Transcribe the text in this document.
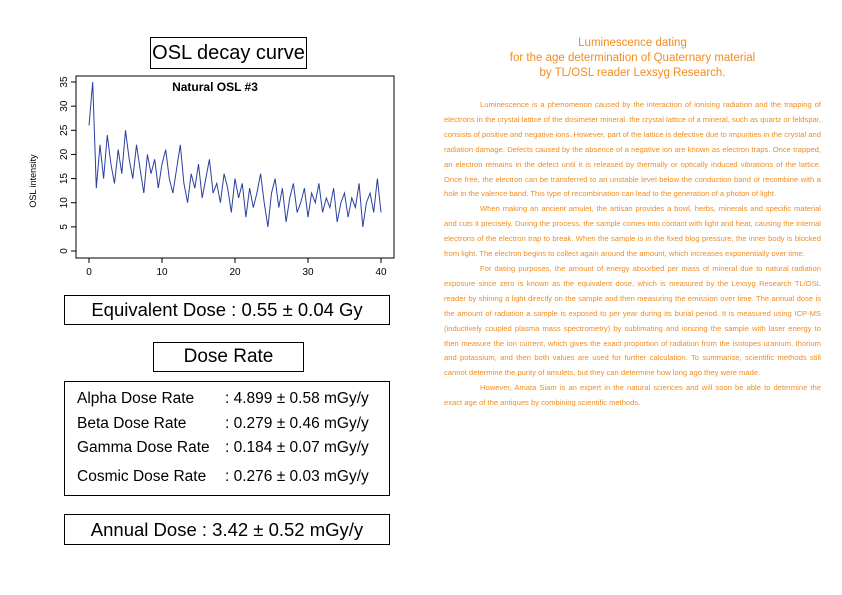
OSL decay curve
Natural OSL #3
0	10	20	30	40
0
5
10
15
20
25
30
35
OSL intensity
Equivalent Dose : 0.55 ± 0.04 Gy
Dose Rate
Alpha Dose Rate : 4.899 ± 0.58 mGy/y
Beta Dose Rate : 0.279 ± 0.46 mGy/y
Gamma Dose Rate : 0.184 ± 0.07 mGy/y
Cosmic Dose Rate : 0.276 ± 0.03 mGy/y
Annual Dose : 3.42 ± 0.52 mGy/y
Luminescence dating
for the age determination of Quaternary material
by TL/OSL reader Lexsyg Research.

Luminescence is a phenomenon caused by the interaction of ionising radiation and the trapping of electrons in the crystal lattice of the dosimeter mineral. the crystal lattice of a mineral, such as quartz or feldspar, consists of positive and negative ions. However, part of the lattice is defective due to impurities in the crystal and radiation damage. Defects caused by the absence of a negative ion are known as electron traps. Once trapped, an electron remains in the defect until it is released by thermally or optically induced vibrations of the lattice. Once free, the electron can be transferred to an unstable level below the conduction band or recombine with a hole in the valence band. This type of recombination can lead to the generation of a photon of light.

When making an ancient amulet, the artisan provides a bowl, herbs, minerals and specific material and cuts it precisely. During the process, the sample comes into contact with light and heat, causing the internal electrons of the electron trap to break. When the sample is in the fixed blog pressure, the inner body is blocked from light. The electron begins to collect again around the amount, which increases exponentially over time.

For dating purposes, the amount of energy absorbed per mass of mineral due to natural radiation exposure since zero is known as the equivalent dose, which is measured by the Lexsyg Research TL/OSL reader by shining a light directly on the sample and then measuring the emission over time. The annual dose is the amount of radiation a sample is exposed to per year during its burial period. It is measured using ICP-MS (inductively coupled plasma mass spectrometry) by sublimating and ionizing the sample with laser energy to then measure the ion current, which gives the exact proportion of radiation from the isotopes uranium, thorium and potassium, and then both values are used for further calculation. To summarise, scientific methods still cannot determine the purity of amulets, but they can determine how long ago they were made.

However, Amata Siam is an expert in the natural sciences and will soon be able to determine the exact age of the antiques by combining scientific methods.
